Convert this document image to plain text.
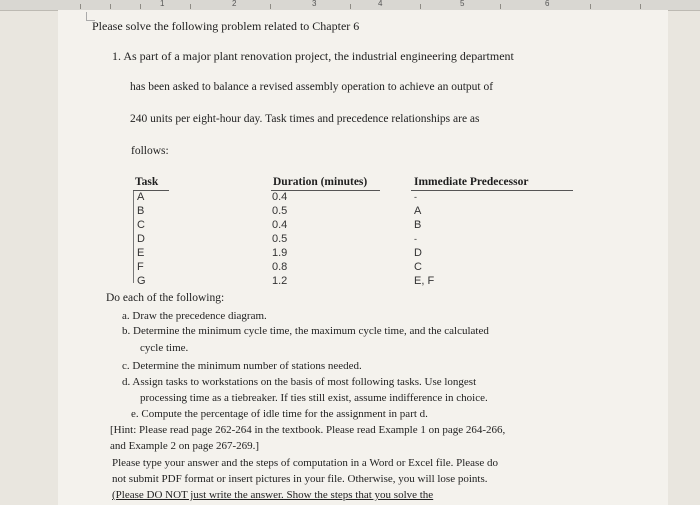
1	2	3	4	5	6
Please solve the following problem related to Chapter 6
1. As part of a major plant renovation project, the industrial engineering department
has been asked to balance a revised assembly operation to achieve an output of
240 units per eight-hour day. Task times and precedence relationships are as
follows:
Task	Duration (minutes)	Immediate Predecessor
A	0.4	-
B	0.5	A
C	0.4	B
D	0.5	-
E	1.9	D
F	0.8	C
G	1.2	E, F
Do each of the following:
a. Draw the precedence diagram.
b. Determine the minimum cycle time, the maximum cycle time, and the calculated
cycle time.
c. Determine the minimum number of stations needed.
d. Assign tasks to workstations on the basis of most following tasks. Use longest
processing time as a tiebreaker. If ties still exist, assume indifference in choice.
e. Compute the percentage of idle time for the assignment in part d.
[Hint: Please read page 262-264 in the textbook. Please read Example 1 on page 264-266,
and Example 2 on page 267-269.]
Please type your answer and the steps of computation in a Word or Excel file. Please do
not submit PDF format or insert pictures in your file. Otherwise, you will lose points.
(Please DO NOT just write the answer. Show the steps that you solve the
